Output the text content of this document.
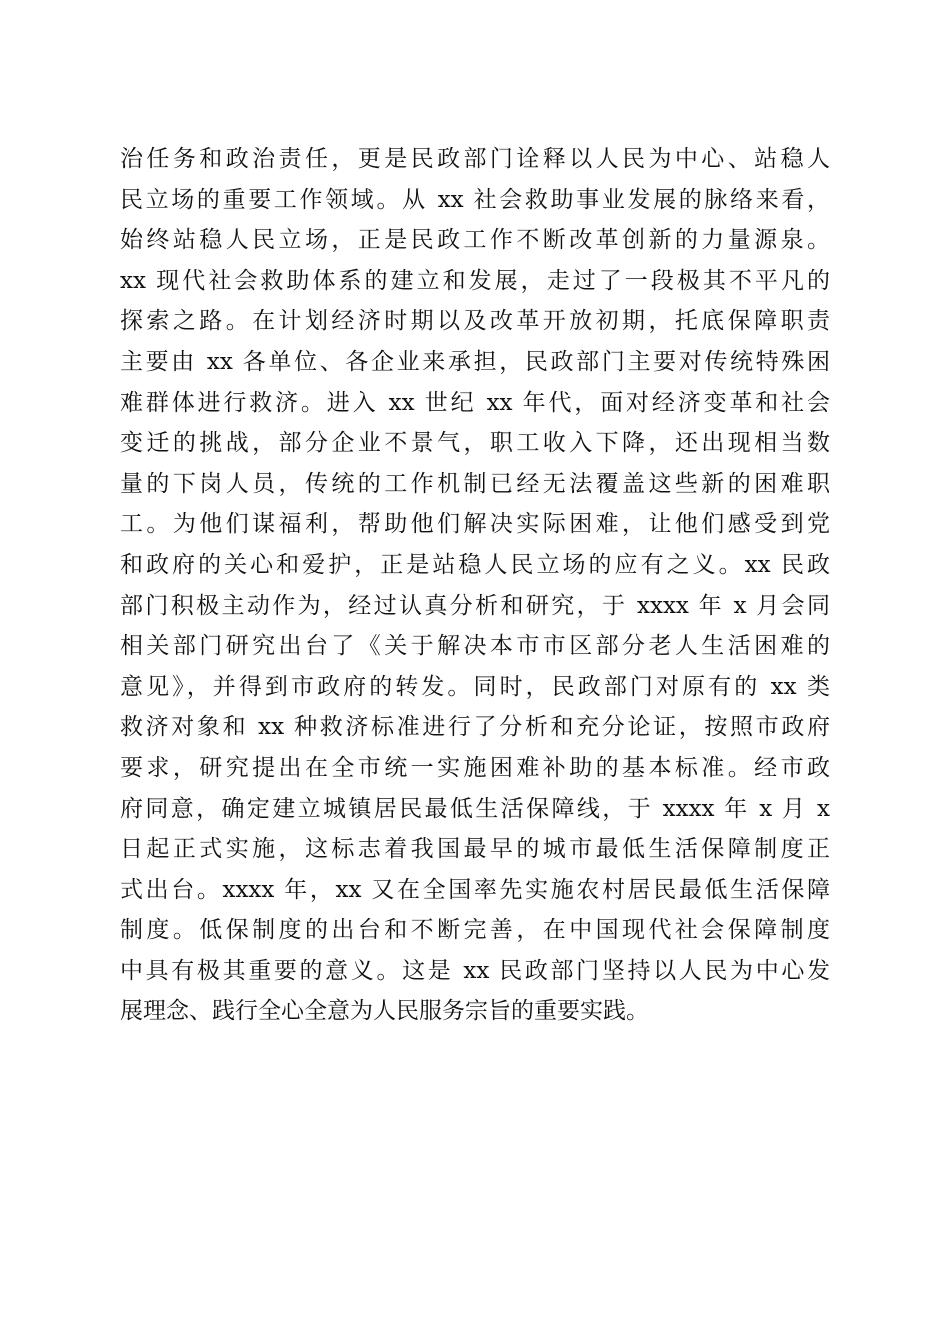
治任务和政治责任，更是民政部门诠释以人民为中心、站稳人
民立场的重要工作领域。从 xx 社会救助事业发展的脉络来看，
始终站稳人民立场，正是民政工作不断改革创新的力量源泉。
xx 现代社会救助体系的建立和发展，走过了一段极其不平凡的
探索之路。在计划经济时期以及改革开放初期，托底保障职责
主要由 xx 各单位、各企业来承担，民政部门主要对传统特殊困
难群体进行救济。进入 xx 世纪 xx 年代，面对经济变革和社会
变迁的挑战，部分企业不景气，职工收入下降，还出现相当数
量的下岗人员，传统的工作机制已经无法覆盖这些新的困难职
工。为他们谋福利，帮助他们解决实际困难，让他们感受到党
和政府的关心和爱护，正是站稳人民立场的应有之义。xx 民政
部门积极主动作为，经过认真分析和研究，于 xxxx 年 x 月会同
相关部门研究出台了《关于解决本市市区部分老人生活困难的
意见》，并得到市政府的转发。同时，民政部门对原有的 xx 类
救济对象和 xx 种救济标准进行了分析和充分论证，按照市政府
要求，研究提出在全市统一实施困难补助的基本标准。经市政
府同意，确定建立城镇居民最低生活保障线，于 xxxx 年 x 月 x
日起正式实施，这标志着我国最早的城市最低生活保障制度正
式出台。xxxx 年，xx 又在全国率先实施农村居民最低生活保障
制度。低保制度的出台和不断完善，在中国现代社会保障制度
中具有极其重要的意义。这是 xx 民政部门坚持以人民为中心发
展理念、践行全心全意为人民服务宗旨的重要实践。
